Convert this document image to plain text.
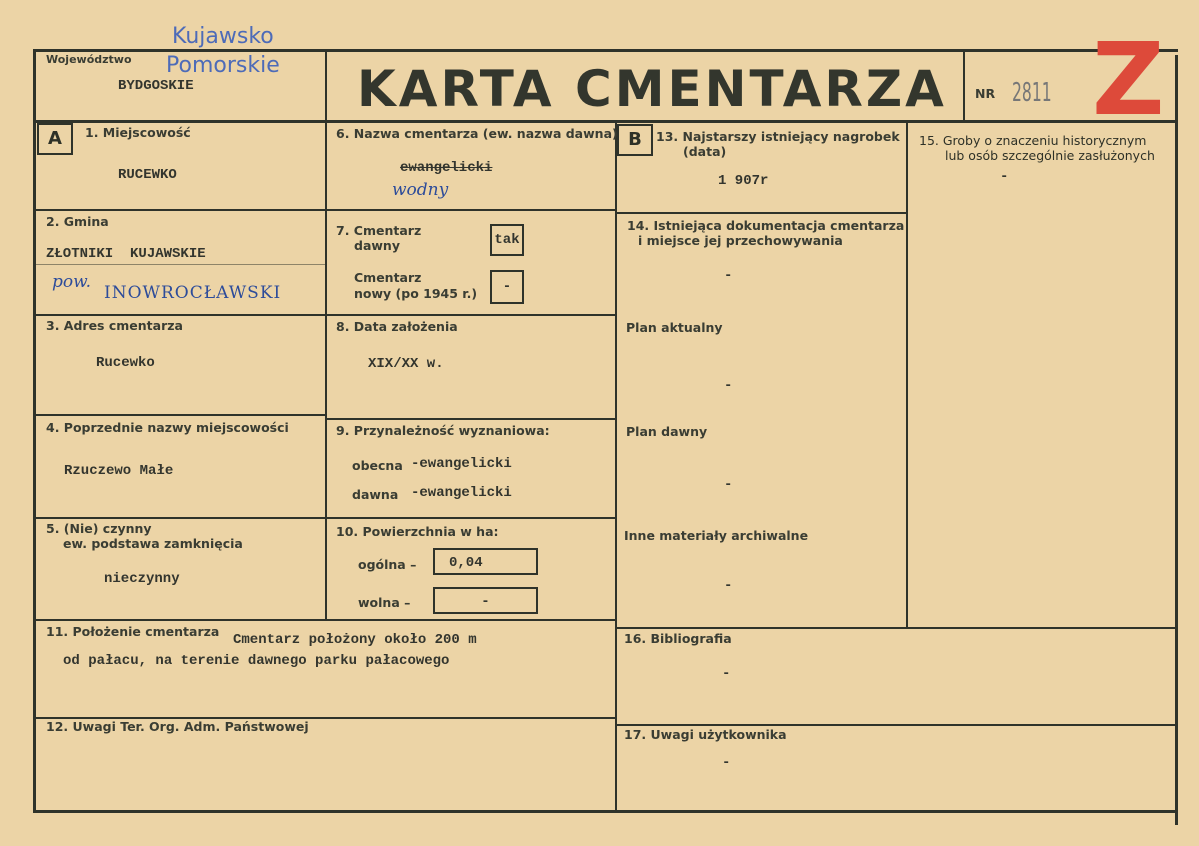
Kujawsko
Pomorskie
Województwo
BYDGOSKIE	KARTA CMENTARZA NR 2811 Z
A	B
1. Miejscowość
RUCEWKO
2. Gmina
ZŁOTNIKI  KUJAWSKIE
pow.
INOWROCŁAWSKI
3. Adres cmentarza
Rucewko
4. Poprzednie nazwy miejscowości
Rzuczewo Małe
5. (Nie) czynny
ew. podstawa zamknięcia
nieczynny
6. Nazwa cmentarza (ew. nazwa dawna)
ewangelicki
wodny
7. Cmentarz
dawny	tak
Cmentarz
nowy (po 1945 r.)	-
8. Data założenia
XIX/XX w.
9. Przynależność wyznaniowa:
obecna -ewangelicki
dawna -ewangelicki
10. Powierzchnia w ha:
ogólna –	0,04
wolna –	-
11. Położenie cmentarza
Cmentarz położony około 200 m
od pałacu, na terenie dawnego parku pałacowego
12. Uwagi Ter. Org. Adm. Państwowej
13. Najstarszy istniejący nagrobek
(data)
1 907r
14. Istniejąca dokumentacja cmentarza
i miejsce jej przechowywania
-
Plan aktualny
-
Plan dawny
-
Inne materiały archiwalne
-
15. Groby o znaczeniu historycznym
lub osób szczególnie zasłużonych
-
16. Bibliografia
-
17. Uwagi użytkownika
-
